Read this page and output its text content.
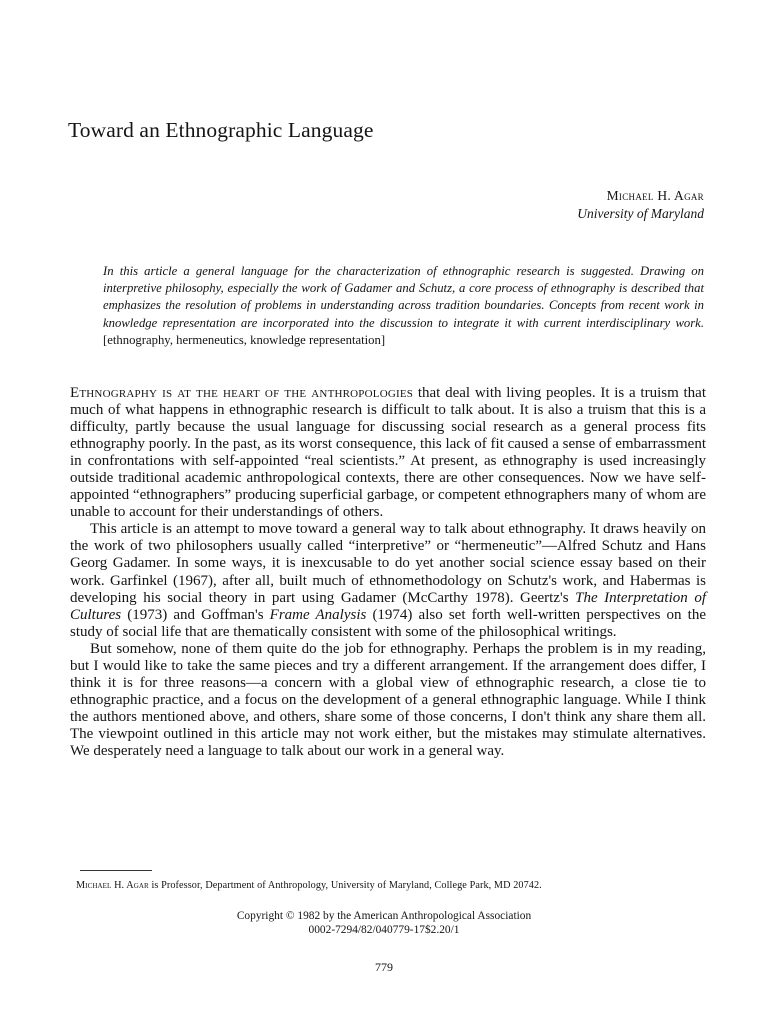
Toward an Ethnographic Language
Michael H. Agar
University of Maryland

In this article a general language for the characterization of ethnographic research is suggested. Drawing on interpretive philosophy, especially the work of Gadamer and Schutz, a core process of ethnography is described that emphasizes the resolution of problems in understanding across tradition boundaries. Concepts from recent work in knowledge representation are incorporated into the discussion to integrate it with current interdisciplinary work. [ethnography, hermeneutics, knowledge representation]

Ethnography is at the heart of the anthropologies that deal with living peoples. It is a truism that much of what happens in ethnographic research is difficult to talk about. It is also a truism that this is a difficulty, partly because the usual language for discussing social research as a general process fits ethnography poorly. In the past, as its worst consequence, this lack of fit caused a sense of embarrassment in confrontations with self-appointed “real scientists.” At present, as ethnography is used increasingly outside traditional academic anthropological contexts, there are other consequences. Now we have self-appointed “ethnographers” producing superficial garbage, or competent ethnographers many of whom are unable to account for their understandings of others.

This article is an attempt to move toward a general way to talk about ethnography. It draws heavily on the work of two philosophers usually called “interpretive” or “hermeneutic”—Alfred Schutz and Hans Georg Gadamer. In some ways, it is inexcusable to do yet another social science essay based on their work. Garfinkel (1967), after all, built much of ethnomethodology on Schutz's work, and Habermas is developing his social theory in part using Gadamer (McCarthy 1978). Geertz's The Interpretation of Cultures (1973) and Goffman's Frame Analysis (1974) also set forth well-written perspectives on the study of social life that are thematically consistent with some of the philosophical writings.

But somehow, none of them quite do the job for ethnography. Perhaps the problem is in my reading, but I would like to take the same pieces and try a different arrangement. If the arrangement does differ, I think it is for three reasons—a concern with a global view of ethnographic research, a close tie to ethnographic practice, and a focus on the development of a general ethnographic language. While I think the authors mentioned above, and others, share some of those concerns, I don't think any share them all. The viewpoint outlined in this article may not work either, but the mistakes may stimulate alternatives. We desperately need a language to talk about our work in a general way.

Michael H. Agar is Professor, Department of Anthropology, University of Maryland, College Park, MD 20742.
Copyright © 1982 by the American Anthropological Association
0002-7294/82/040779-17$2.20/1
779
